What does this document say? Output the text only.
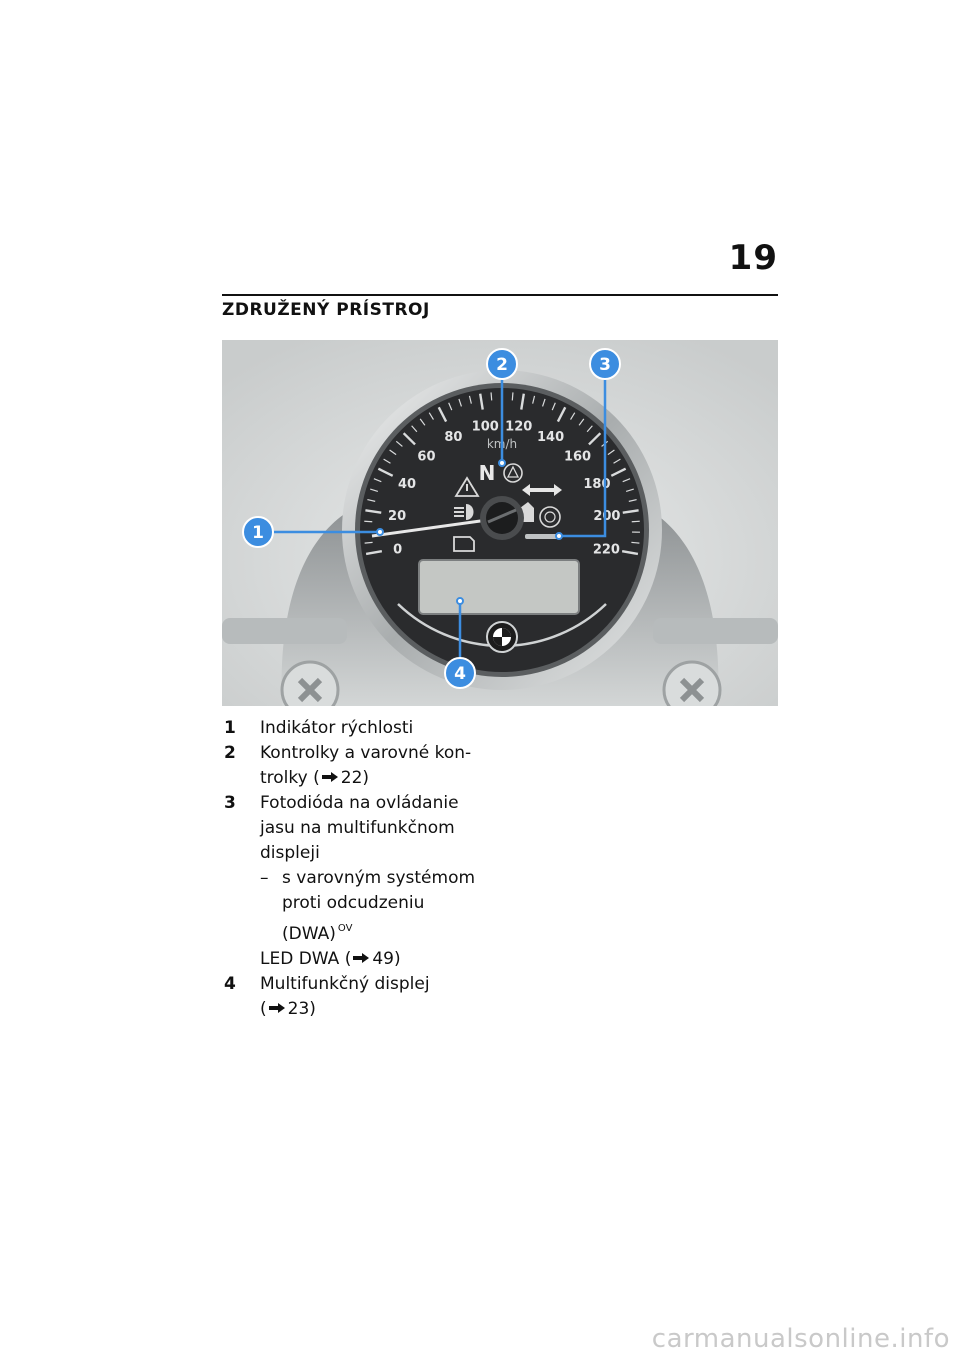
19
ZDRUŽENÝ PRÍSTROJ
0
20
40
60
80
100 120
140
160
180
200
220
km/h
N
1
2	3
4
1 Indikátor rýchlosti
2 Kontrolky a varovné kon-
trolky ( 22)
3 Fotodióda na ovládanie
jasu na multifunkčnom
displeji
– s varovným systémom
proti odcudzeniu
(DWA) $^{OV}$
LED DWA ( 49)
4 Multifunkčný displej
( 23)
carmanualsonline.info
